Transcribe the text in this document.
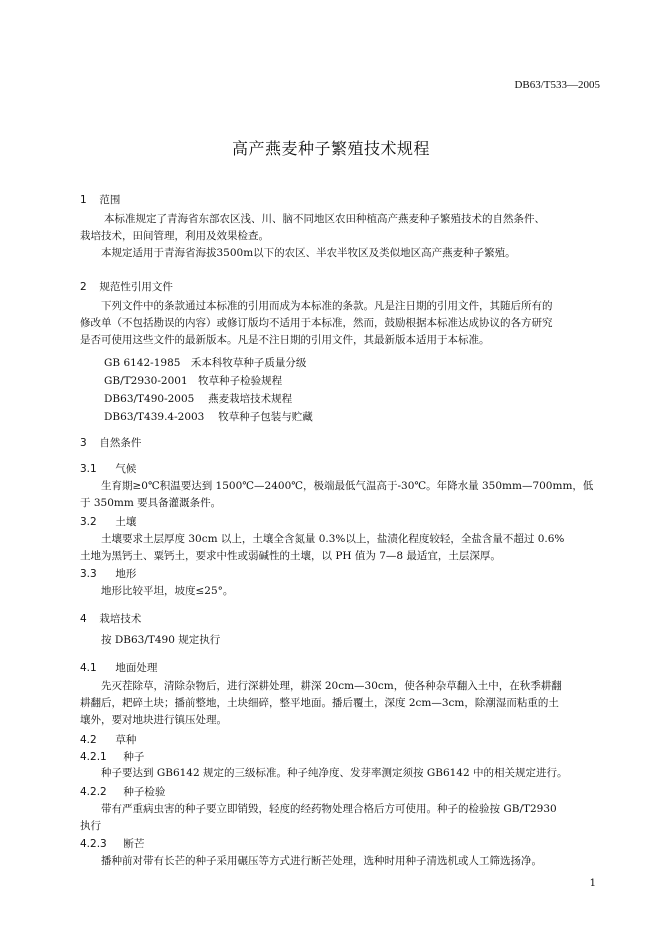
DB63/T533—2005
高产燕麦种子繁殖技术规程
1 范围
本标准规定了青海省东部农区浅、川、脑不同地区农田种植高产燕麦种子繁殖技术的自然条件、
栽培技术，田间管理，利用及效果检查。
本规定适用于青海省海拔3500m以下的农区、半农半牧区及类似地区高产燕麦种子繁殖。
2 规范性引用文件
下列文件中的条款通过本标准的引用而成为本标准的条款。凡是注日期的引用文件，其随后所有的
修改单（不包括勘误的内容）或修订版均不适用于本标准，然而，鼓励根据本标准达成协议的各方研究
是否可使用这些文件的最新版本。凡是不注日期的引用文件，其最新版本适用于本标准。
GB 6142-1985　禾本科牧草种子质量分级
GB/T2930-2001　牧草种子检验规程
DB63/T490-2005　 燕麦栽培技术规程
DB63/T439.4-2003　 牧草种子包装与贮藏
3 自然条件
3.1 气候
生育期≥0℃积温要达到 1500℃—2400℃，极端最低气温高于-30℃。年降水量 350mm—700mm，低
于 350mm 要具备灌溉条件。
3.2 土壤
土壤要求土层厚度 30cm 以上，土壤全含氮量 0.3%以上，盐渍化程度较轻，全盐含量不超过 0.6%
土地为黑钙土、粟钙土，要求中性或弱碱性的土壤，以 PH 值为 7—8 最适宜，土层深厚。
3.3 地形
地形比较平坦，坡度≤25°。
4 栽培技术
按 DB63/T490 规定执行
4.1 地面处理
先灭茬除草，清除杂物后，进行深耕处理，耕深 20cm—30cm，使各种杂草翻入土中，在秋季耕翻
耕翻后，耙碎土块；播前整地，土块细碎，整平地面。播后覆土，深度 2cm—3cm，除潮湿而粘重的土
壤外，要对地块进行镇压处理。
4.2 草种
4.2.1 种子
种子要达到 GB6142 规定的三级标准。种子纯净度、发芽率测定须按 GB6142 中的相关规定进行。
4.2.2 种子检验
带有严重病虫害的种子要立即销毁，轻度的经药物处理合格后方可使用。种子的检验按 GB/T2930
执行
4.2.3 断芒
播种前对带有长芒的种子采用碾压等方式进行断芒处理，选种时用种子清选机或人工筛选扬净。
1
